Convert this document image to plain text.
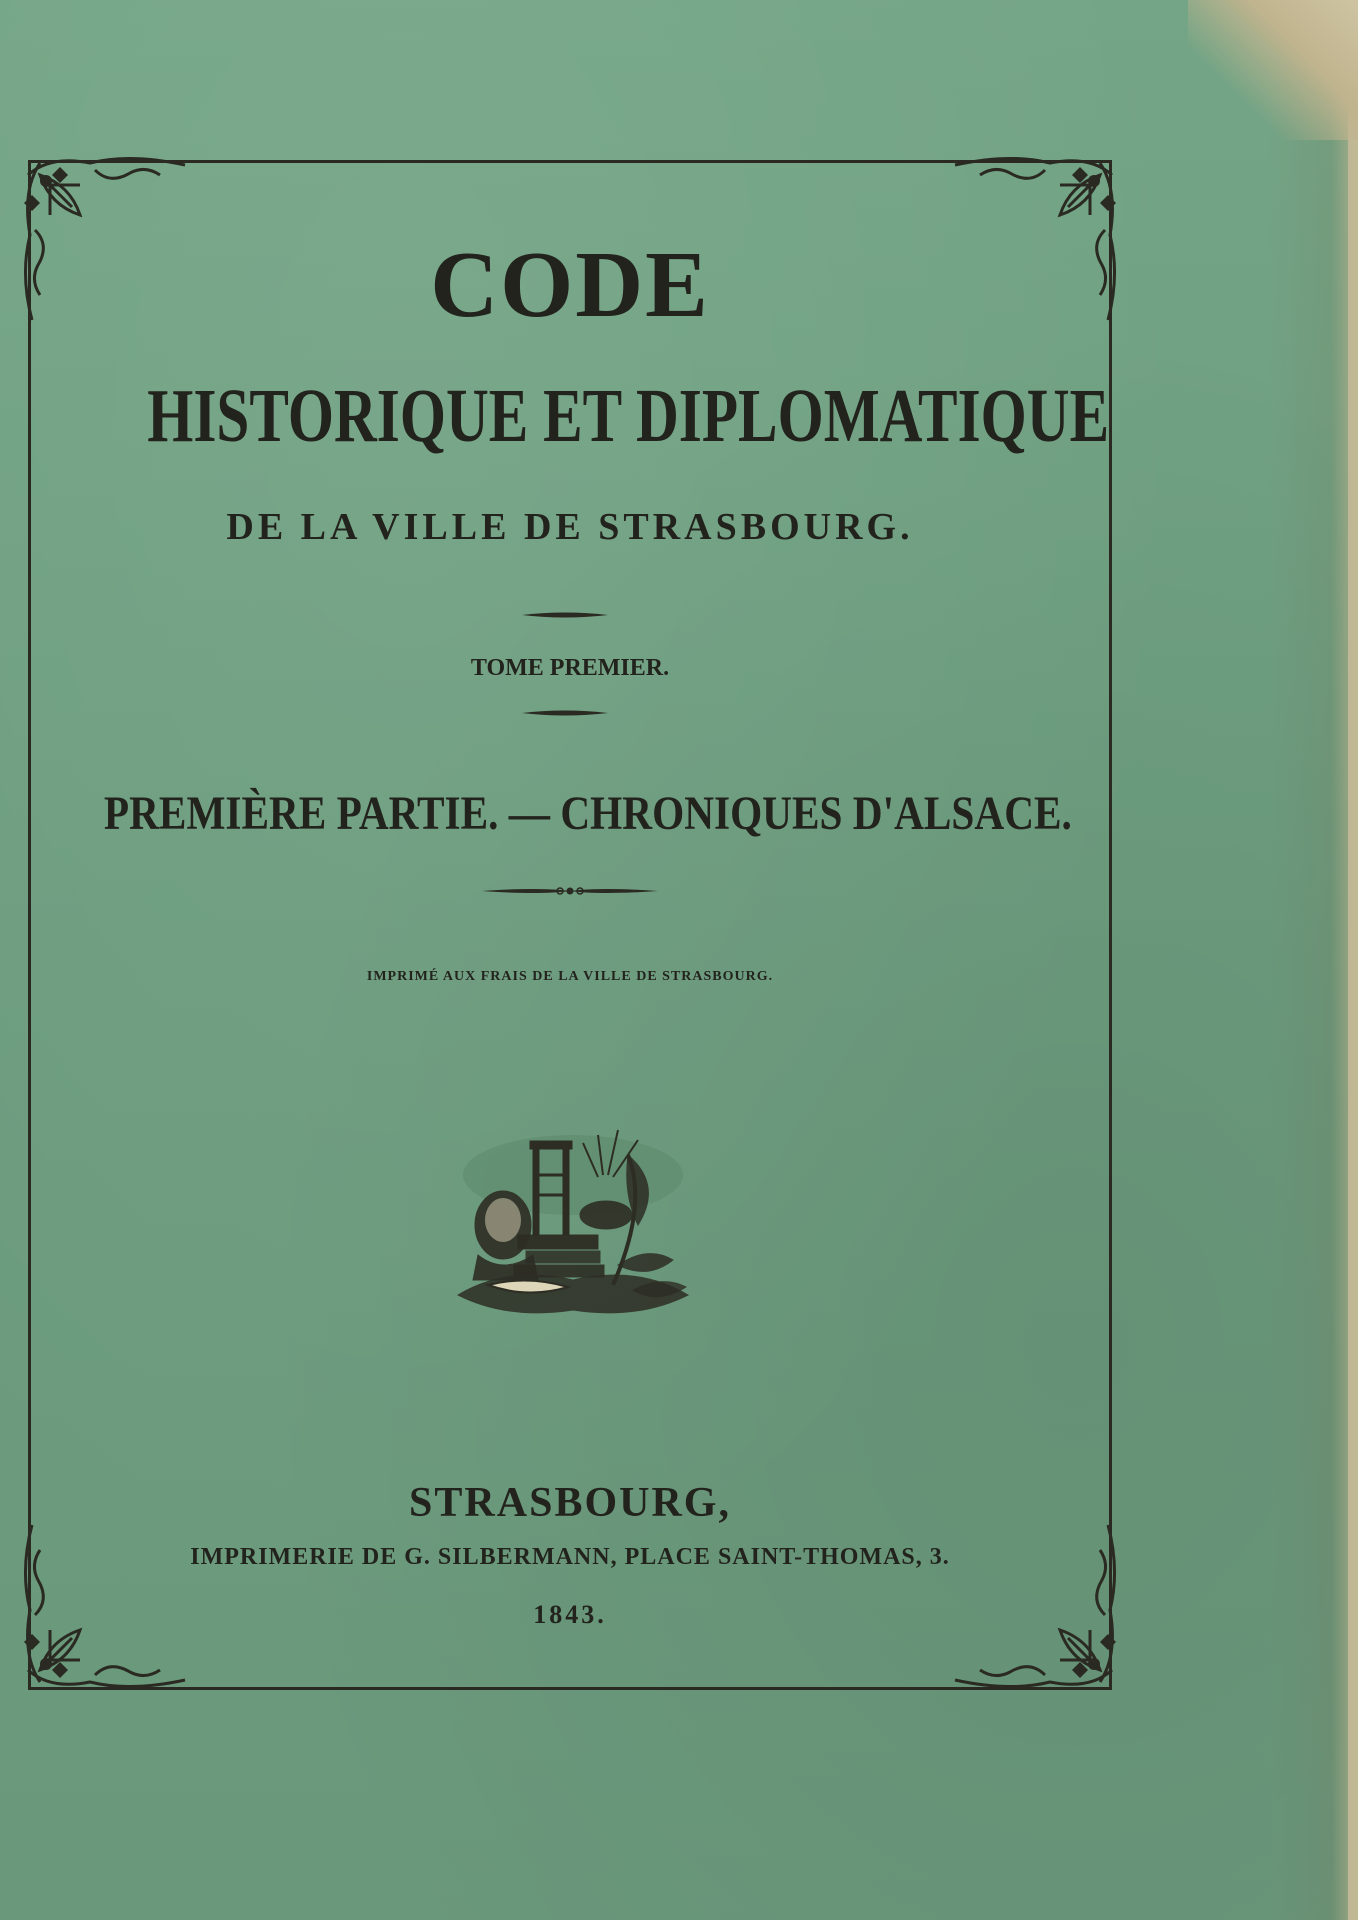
CODE
HISTORIQUE ET DIPLOMATIQUE
DE LA VILLE DE STRASBOURG.
TOME PREMIER.
PREMIÈRE PARTIE. — CHRONIQUES D'ALSACE.
IMPRIMÉ AUX FRAIS DE LA VILLE DE STRASBOURG.
STRASBOURG,
IMPRIMERIE DE G. SILBERMANN, PLACE SAINT-THOMAS, 3.
1843.
